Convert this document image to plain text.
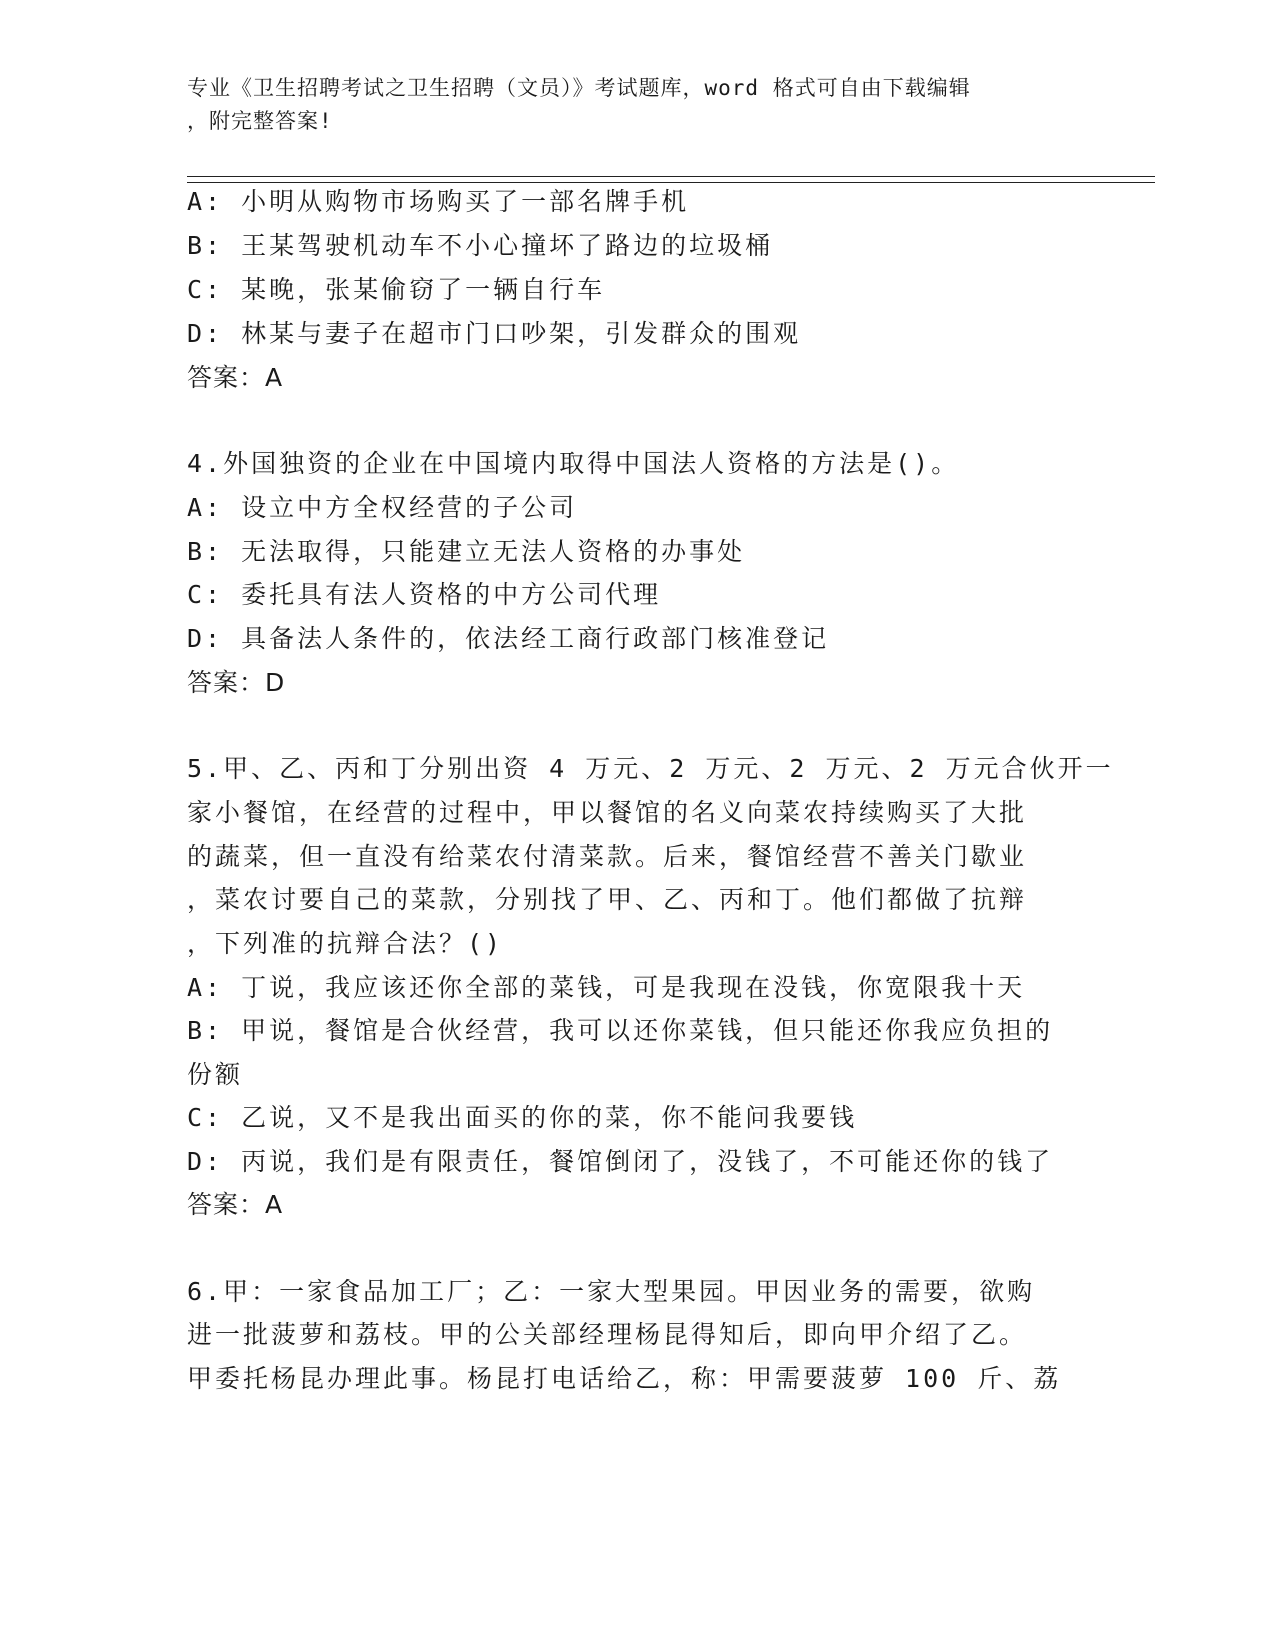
专业《卫生招聘考试之卫生招聘（文员）》考试题库，word 格式可自由下载编辑
，附完整答案!
A: 小明从购物市场购买了一部名牌手机
B: 王某驾驶机动车不小心撞坏了路边的垃圾桶
C: 某晚，张某偷窃了一辆自行车
D: 林某与妻子在超市门口吵架，引发群众的围观
答案：A
4.外国独资的企业在中国境内取得中国法人资格的方法是()。
A: 设立中方全权经营的子公司
B: 无法取得，只能建立无法人资格的办事处
C: 委托具有法人资格的中方公司代理
D: 具备法人条件的，依法经工商行政部门核准登记
答案：D
5.甲、乙、丙和丁分别出资 4 万元、2 万元、2 万元、2 万元合伙开一
家小餐馆，在经营的过程中，甲以餐馆的名义向菜农持续购买了大批
的蔬菜，但一直没有给菜农付清菜款。后来，餐馆经营不善关门歇业
，菜农讨要自己的菜款，分别找了甲、乙、丙和丁。他们都做了抗辩
，下列准的抗辩合法？()
A: 丁说，我应该还你全部的菜钱，可是我现在没钱，你宽限我十天
B: 甲说，餐馆是合伙经营，我可以还你菜钱，但只能还你我应负担的
份额
C: 乙说，又不是我出面买的你的菜，你不能问我要钱
D: 丙说，我们是有限责任，餐馆倒闭了，没钱了，不可能还你的钱了
答案：A
6.甲：一家食品加工厂；乙：一家大型果园。甲因业务的需要，欲购
进一批菠萝和荔枝。甲的公关部经理杨昆得知后，即向甲介绍了乙。
甲委托杨昆办理此事。杨昆打电话给乙，称：甲需要菠萝 100 斤、荔
